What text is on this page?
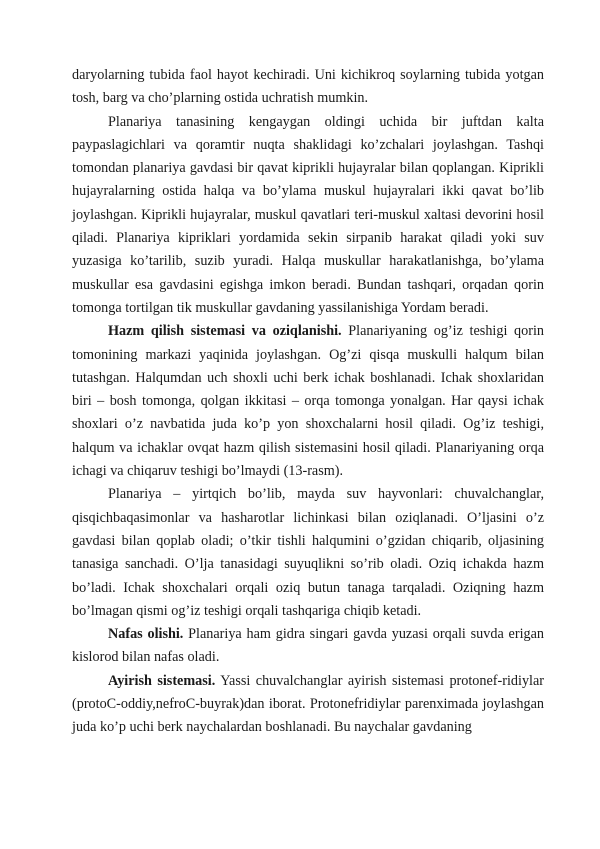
daryolarning tubida faol hayot kechiradi. Uni kichikroq soylarning tubida yotgan tosh, barg va cho’plarning ostida uchratish mumkin.

Planariya tanasining kengaygan oldingi uchida bir juftdan kalta paypaslagichlari va qoramtir nuqta shaklidagi ko’zchalari joylashgan. Tashqi tomondan planariya gavdasi bir qavat kiprikli hujayralar bilan qoplangan. Kiprikli hujayralarning ostida halqa va bo’ylama muskul hujayralari ikki qavat bo’lib joylashgan. Kiprikli hujayralar, muskul qavatlari teri-muskul xaltasi devorini hosil qiladi. Planariya kipriklari yordamida sekin sirpanib harakat qiladi yoki suv yuzasiga ko’tarilib, suzib yuradi. Halqa muskullar harakatlanishga, bo’ylama muskullar esa gavdasini egishga imkon beradi. Bundan tashqari, orqadan qorin tomonga tortilgan tik muskullar gavdaning yassilanishiga Yordam beradi.

Hazm qilish sistemasi va oziqlanishi. Planariyaning og’iz teshigi qorin tomonining markazi yaqinida joylashgan. Og’zi qisqa muskulli halqum bilan tutashgan. Halqumdan uch shoxli uchi berk ichak boshlanadi. Ichak shoxlaridan biri – bosh tomonga, qolgan ikkitasi – orqa tomonga yonalgan. Har qaysi ichak shoxlari o’z navbatida juda ko’p yon shoxchalarni hosil qiladi. Og’iz teshigi, halqum va ichaklar ovqat hazm qilish sistemasini hosil qiladi. Planariyaning orqa ichagi va chiqaruv teshigi bo’lmaydi (13-rasm).

Planariya – yirtqich bo’lib, mayda suv hayvonlari: chuvalchanglar, qisqichbaqasimonlar va hasharotlar lichinkasi bilan oziqlanadi. O’ljasini o’z gavdasi bilan qoplab oladi; o’tkir tishli halqumini o’gzidan chiqarib, oljasining tanasiga sanchadi. O’lja tanasidagi suyuqlikni so’rib oladi. Oziq ichakda hazm bo’ladi. Ichak shoxchalari orqali oziq butun tanaga tarqaladi. Oziqning hazm bo’lmagan qismi og’iz teshigi orqali tashqariga chiqib ketadi.

Nafas olishi. Planariya ham gidra singari gavda yuzasi orqali suvda erigan kislorod bilan nafas oladi.

Ayirish sistemasi. Yassi chuvalchanglar ayirish sistemasi protonef-ridiylar (protoC-oddiy,nefroC-buyrak)dan iborat. Protonefridiylar parenximada joylashgan juda ko’p uchi berk naychalardan boshlanadi. Bu naychalar gavdaning
